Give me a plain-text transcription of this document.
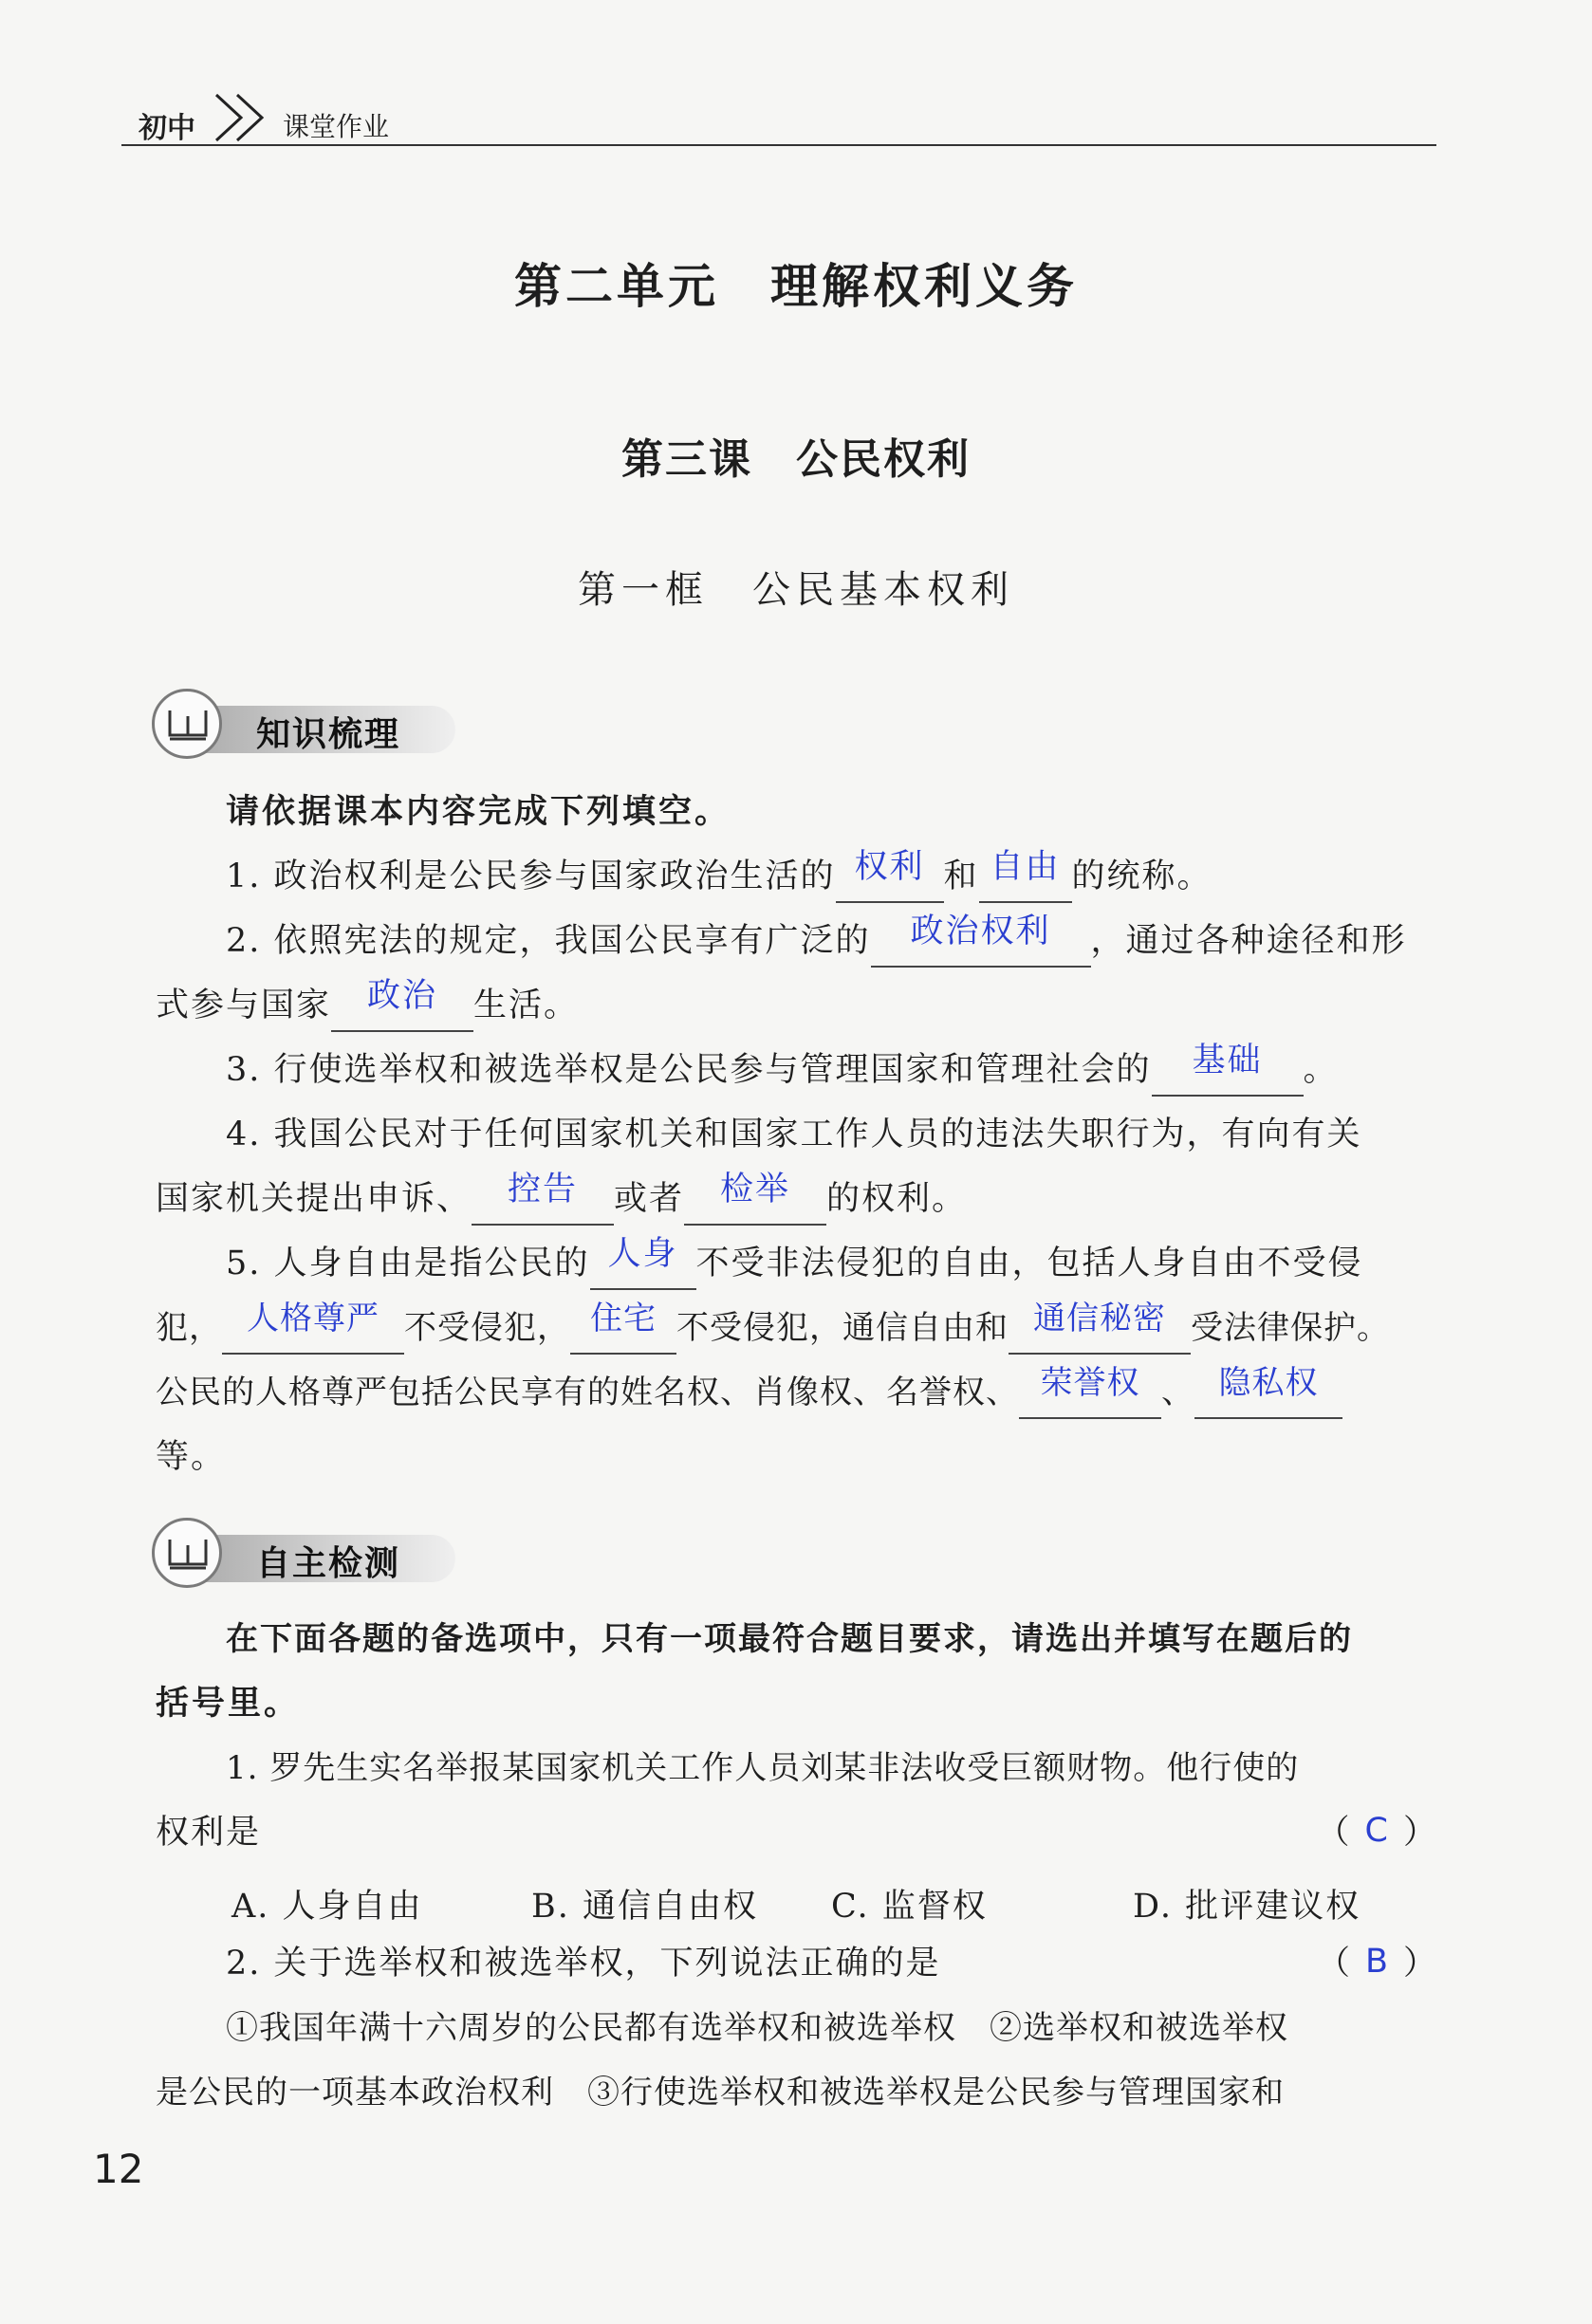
初中	课堂作业
第二单元　理解权利义务
第三课　公民权利
第一框　公民基本权利
知识梳理
请依据课本内容完成下列填空。
1. 政治权利是公民参与国家政治生活的 权利 和 自由 的统称。
2. 依照宪法的规定，我国公民享有广泛的 政治权利 ，通过各种途径和形
式参与国家 政治 生活。
3. 行使选举权和被选举权是公民参与管理国家和管理社会的 基础 。
4. 我国公民对于任何国家机关和国家工作人员的违法失职行为，有向有关
国家机关提出申诉、 控告 或者 检举 的权利。
5. 人身自由是指公民的 人身 不受非法侵犯的自由，包括人身自由不受侵
犯， 人格尊严 不受侵犯， 住宅 不受侵犯，通信自由和 通信秘密 受法律保护。
公民的人格尊严包括公民享有的姓名权、肖像权、名誉权、 荣誉权 、 隐私权
等。
自主检测
在下面各题的备选项中，只有一项最符合题目要求，请选出并填写在题后的
括号里。
1. 罗先生实名举报某国家机关工作人员刘某非法收受巨额财物。他行使的
权利是	（ C ）
A. 人身自由	B. 通信自由权 C. 监督权	D. 批评建议权
2. 关于选举权和被选举权，下列说法正确的是	（ B ）
①我国年满十六周岁的公民都有选举权和被选举权　②选举权和被选举权
是公民的一项基本政治权利　③行使选举权和被选举权是公民参与管理国家和
12
